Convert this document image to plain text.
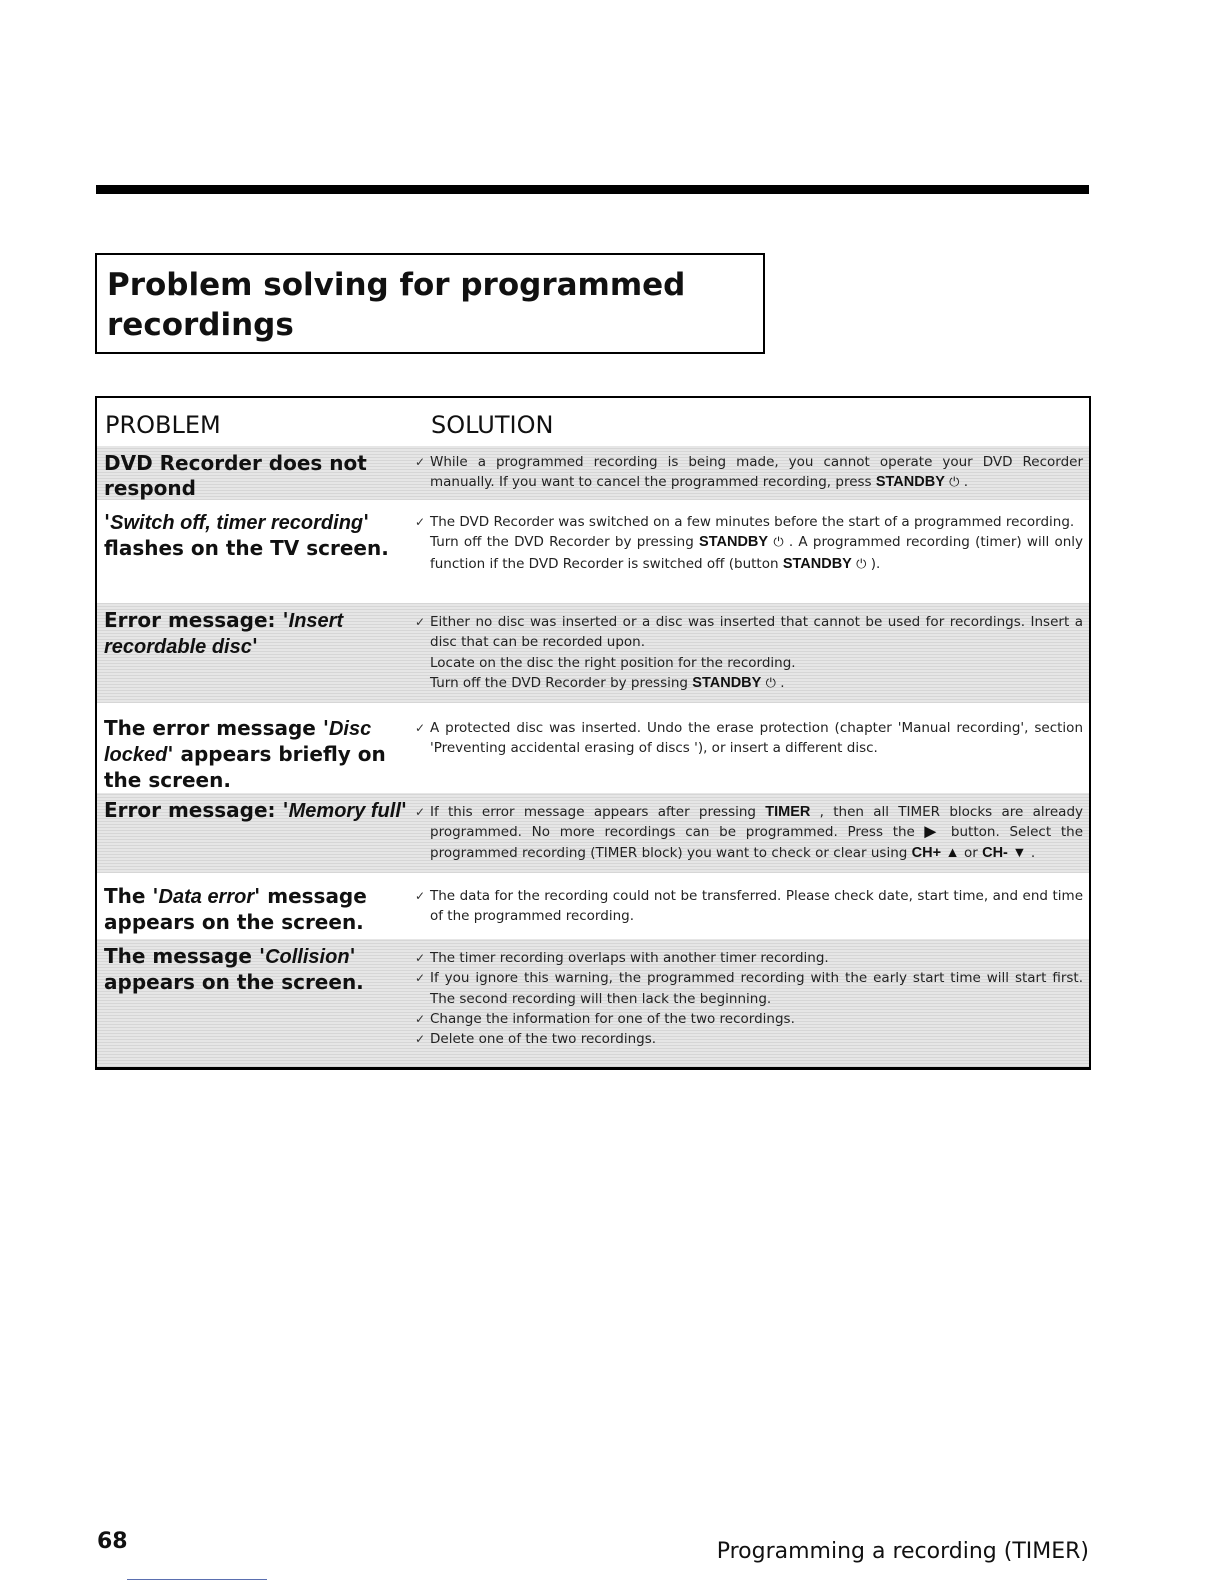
Problem solving for programmed
recordings
PROBLEM	SOLUTION
DVD Recorder does not respond
✓ While a programmed recording is being made, you cannot operate your DVD Recorder manually. If you want to cancel the programmed recording, press STANDBY ⏻ .
'Switch off, timer recording' flashes on the TV screen.
✓ The DVD Recorder was switched on a few minutes before the start of a programmed recording.
Turn off the DVD Recorder by pressing STANDBY ⏻ . A programmed recording (timer) will only function if the DVD Recorder is switched off (button STANDBY ⏻ ).
Error message: 'Insert recordable disc'
✓ Either no disc was inserted or a disc was inserted that cannot be used for recordings. Insert a disc that can be recorded upon.
Locate on the disc the right position for the recording.
Turn off the DVD Recorder by pressing STANDBY ⏻ .
The error message 'Disc locked' appears briefly on the screen.
✓ A protected disc was inserted. Undo the erase protection (chapter 'Manual recording', section 'Preventing accidental erasing of discs '), or insert a different disc.
Error message: 'Memory full'
✓	If this error message appears after pressing TIMER , then all TIMER blocks are already programmed. No more recordings can be programmed. Press the ▶ button. Select the programmed recording (TIMER block) you want to check or clear using CH+ ▲ or CH- ▼ .
The 'Data error' message appears on the screen.
✓ The data for the recording could not be transferred. Please check date, start time, and end time of the programmed recording.
The message 'Collision' appears on the screen.
✓ The timer recording overlaps with another timer recording.
✓ If you ignore this warning, the programmed recording with the early start time will start first. The second recording will then lack the beginning.
✓ Change the information for one of the two recordings.
✓ Delete one of the two recordings.
68	Programming a recording (TIMER)
